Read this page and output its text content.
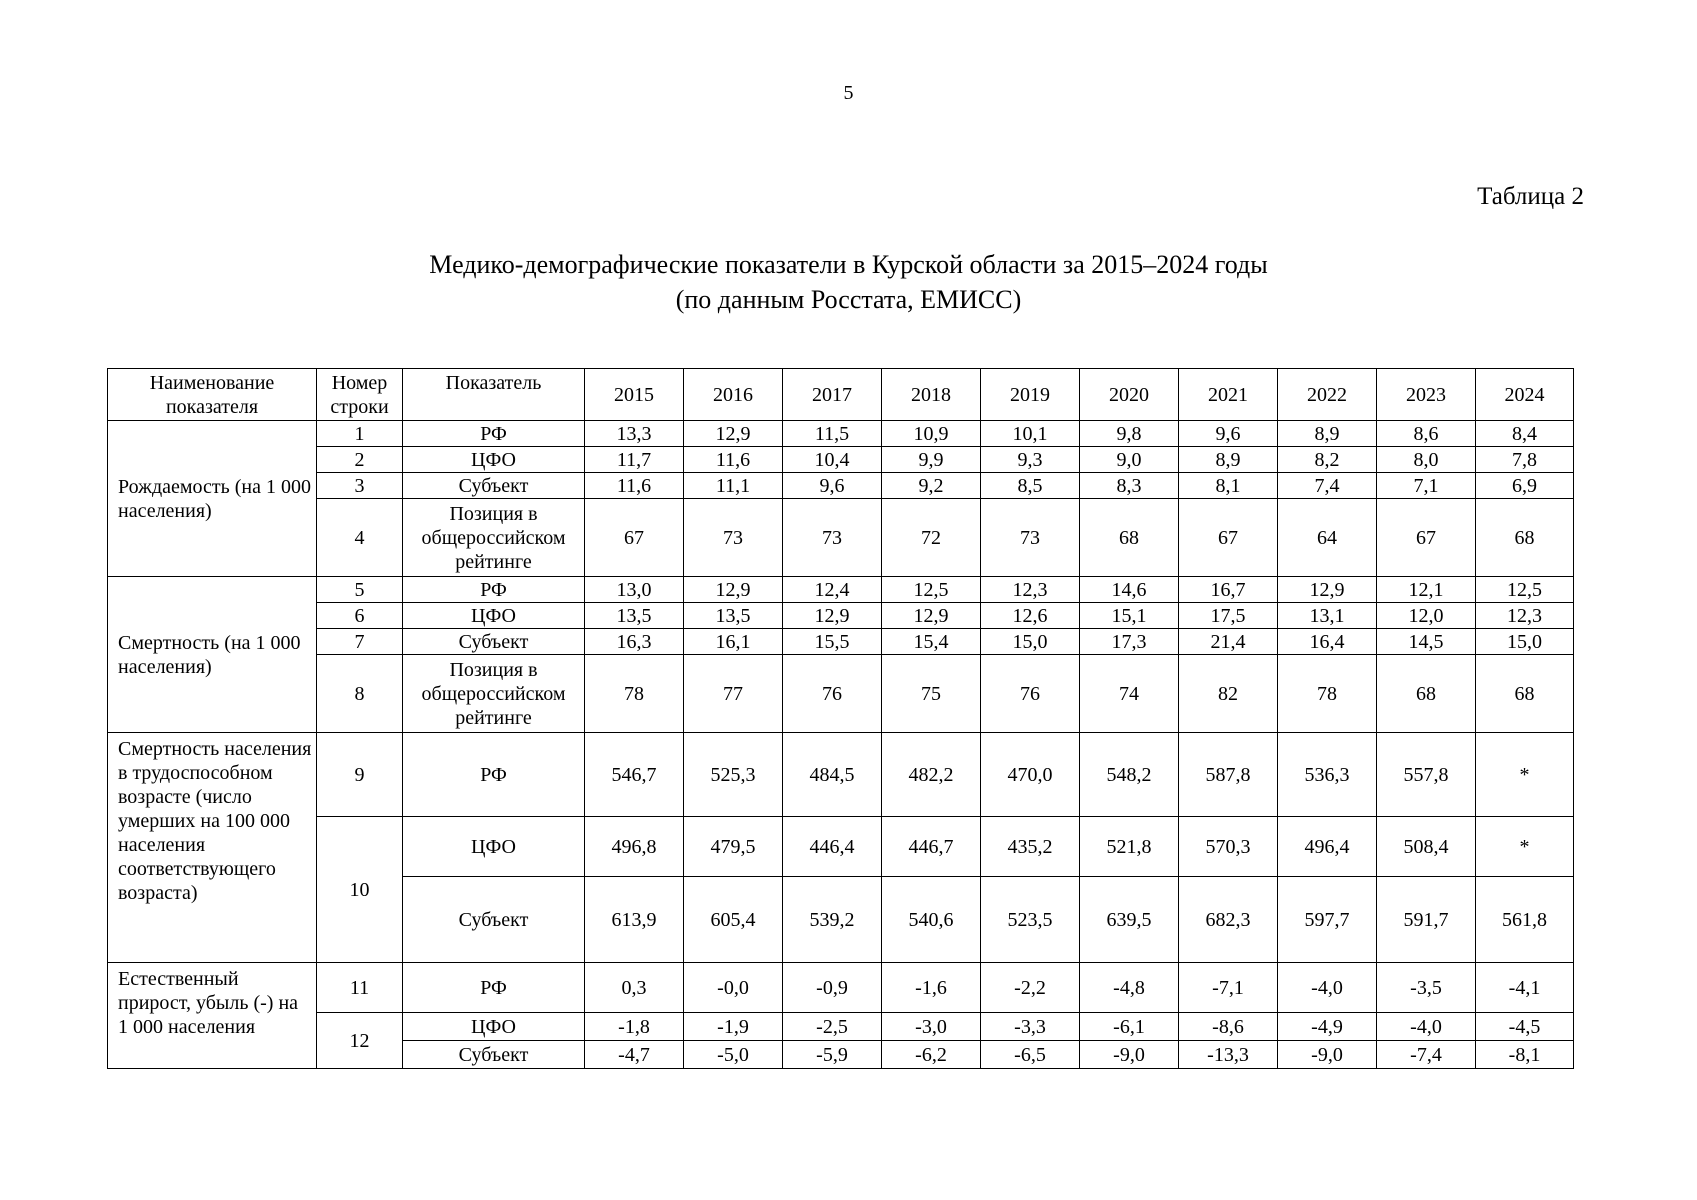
5
Таблица 2
Медико-демографические показатели в Курской области за 2015–2024 годы
(по данным Росстата, ЕМИСС)
Наименование показателя	Номер строки	Показатель	2015	2016	2017	2018	2019	2020	2021	2022	2023	2024
Рождаемость (на 1 000 населения)	1	РФ	13,3	12,9	11,5	10,9	10,1	9,8	9,6	8,9	8,6	8,4
	2	ЦФО	11,7	11,6	10,4	9,9	9,3	9,0	8,9	8,2	8,0	7,8
	3	Субъект	11,6	11,1	9,6	9,2	8,5	8,3	8,1	7,4	7,1	6,9
	4	Позиция в общероссийском рейтинге	67	73	73	72	73	68	67	64	67	68
Смертность (на 1 000 населения)	5	РФ	13,0	12,9	12,4	12,5	12,3	14,6	16,7	12,9	12,1	12,5
	6	ЦФО	13,5	13,5	12,9	12,9	12,6	15,1	17,5	13,1	12,0	12,3
	7	Субъект	16,3	16,1	15,5	15,4	15,0	17,3	21,4	16,4	14,5	15,0
	8	Позиция в общероссийском рейтинге	78	77	76	75	76	74	82	78	68	68
Смертность населения в трудоспособном возрасте (число умерших на 100 000 населения соответствующего возраста)	9	РФ	546,7	525,3	484,5	482,2	470,0	548,2	587,8	536,3	557,8	*
	10	ЦФО	496,8	479,5	446,4	446,7	435,2	521,8	570,3	496,4	508,4	*
		Субъект	613,9	605,4	539,2	540,6	523,5	639,5	682,3	597,7	591,7	561,8
Естественный прирост, убыль (-) на 1 000 населения	11	РФ	0,3	-0,0	-0,9	-1,6	-2,2	-4,8	-7,1	-4,0	-3,5	-4,1
	12	ЦФО	-1,8	-1,9	-2,5	-3,0	-3,3	-6,1	-8,6	-4,9	-4,0	-4,5
		Субъект	-4,7	-5,0	-5,9	-6,2	-6,5	-9,0	-13,3	-9,0	-7,4	-8,1
